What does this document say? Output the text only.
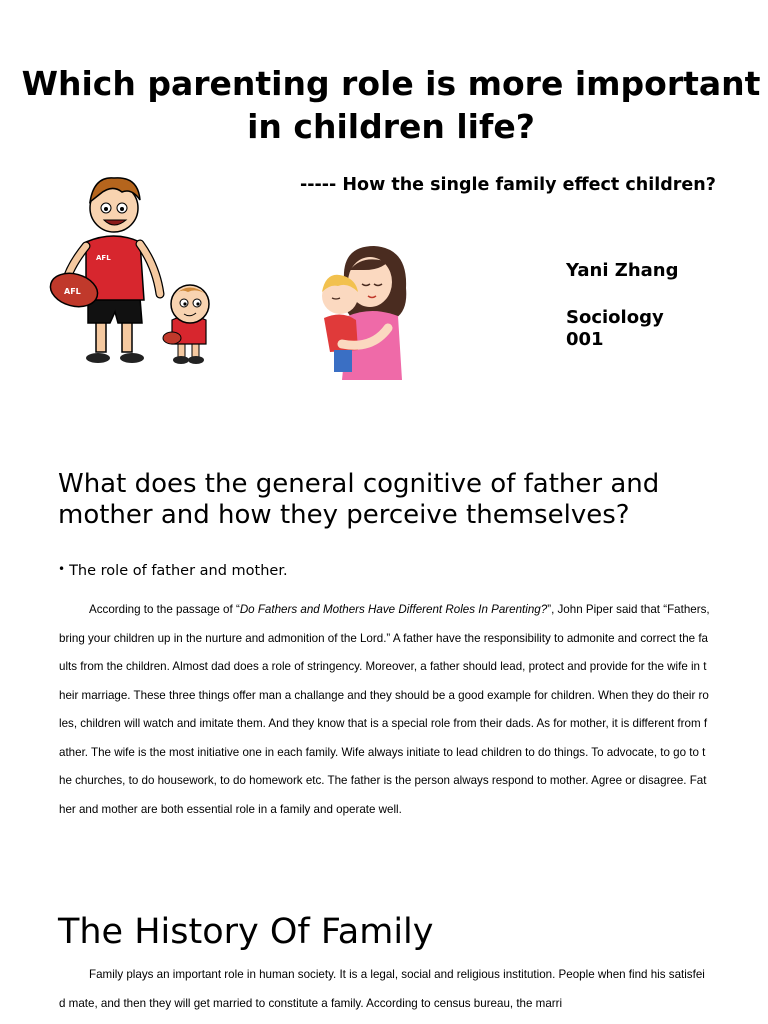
Which parenting role is more important in children life?
----- How the single family effect children?
AFL
AFL
Yani Zhang
Sociology 001
What does the general cognitive of father and mother and how they perceive themselves?
• The role of father and mother.

According to the passage of “Do Fathers and Mothers Have Different Roles In Parenting?”, John Piper said that “Fathers, bring your children up in the nurture and admonition of the Lord.” A father have the responsibility to admonite and correct the faults from the children. Almost dad does a role of stringency. Moreover, a father should lead, protect and provide for the wife in their marriage. These three things offer man a challange and they should be a good example for children. When they do their roles, children will watch and imitate them. And they know that is a special role from their dads. As for mother, it is different from father. The wife is the most initiative one in each family. Wife always initiate to lead children to do things. To advocate, to go to the churches, to do housework, to do homework etc. The father is the person always respond to mother. Agree or disagree. Father and mother are both essential role in a family and operate well.

The History Of Family

Family plays an important role in human society. It is a legal, social and religious institution. People when find his satisfeid mate, and then they will get married to constitute a family. According to census bureau, the marri
